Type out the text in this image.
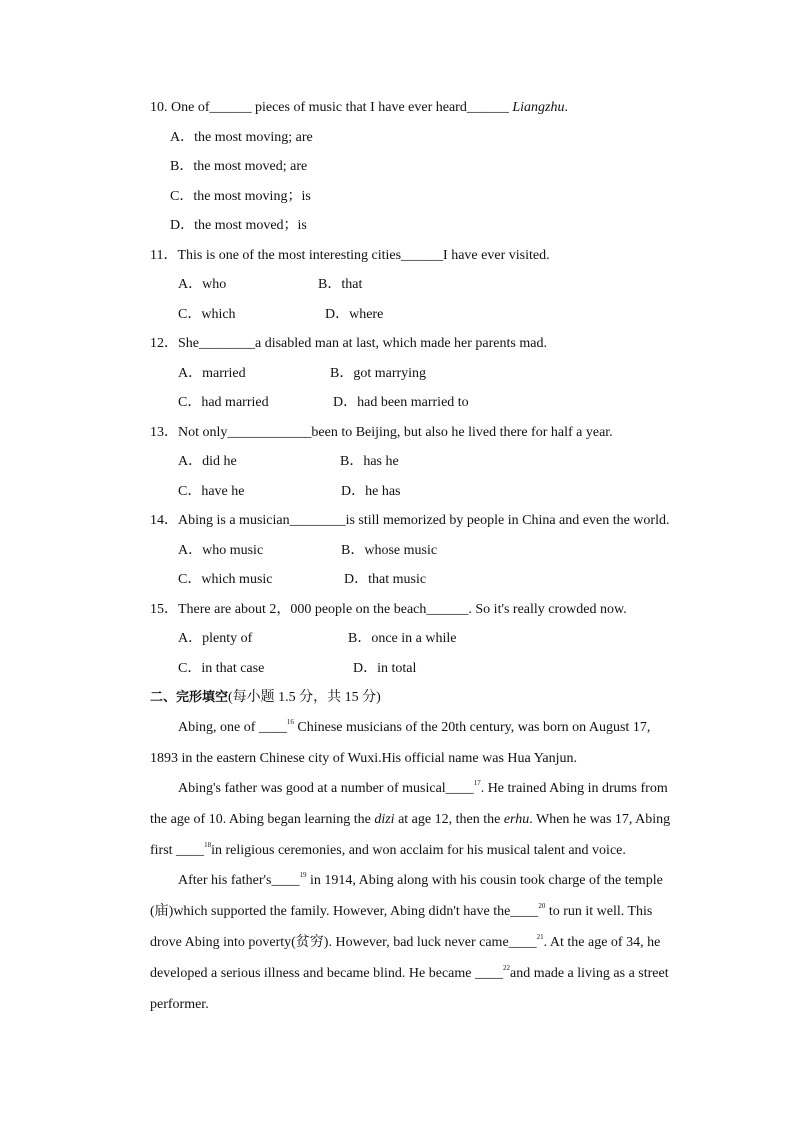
10. One of______ pieces of music that I have ever heard______ Liangzhu.
A．the most moving; are
B．the most moved; are
C．the most moving；is
D．the most moved；is
11．This is one of the most interesting cities______I have ever visited.
A．who	B．that
C．which	D．where
12．She________a disabled man at last, which made her parents mad.
A．married	B．got marrying
C．had married	D．had been married to
13．Not only____________been to Beijing, but also he lived there for half a year.
A．did he	B．has he
C．have he	D．he has
14．Abing is a musician________is still memorized by people in China and even the world.
A．who music	B．whose music
C．which music	D．that music
15．There are about 2，000 people on the beach______. So it's really crowded now.
A．plenty of	B．once in a while
C．in that case	D．in total
二、完形填空(每小题 1.5 分，共 15 分)
Abing, one of ____$^{16}$ Chinese musicians of the 20th century, was born on August 17,
1893 in the eastern Chinese city of Wuxi.His official name was Hua Yanjun.
Abing's father was good at a number of musical____$^{17}$. He trained Abing in drums from
the age of 10. Abing began learning the dizi at age 12, then the erhu. When he was 17, Abing
first ____$^{18}$in religious ceremonies, and won acclaim for his musical talent and voice.
After his father's____$^{19}$ in 1914, Abing along with his cousin took charge of the temple
(庙)which supported the family. However, Abing didn't have the____$^{20}$ to run it well. This
drove Abing into poverty(贫穷). However, bad luck never came____$^{21}$. At the age of 34, he
developed a serious illness and became blind. He became ____$^{22}$and made a living as a street
performer.
